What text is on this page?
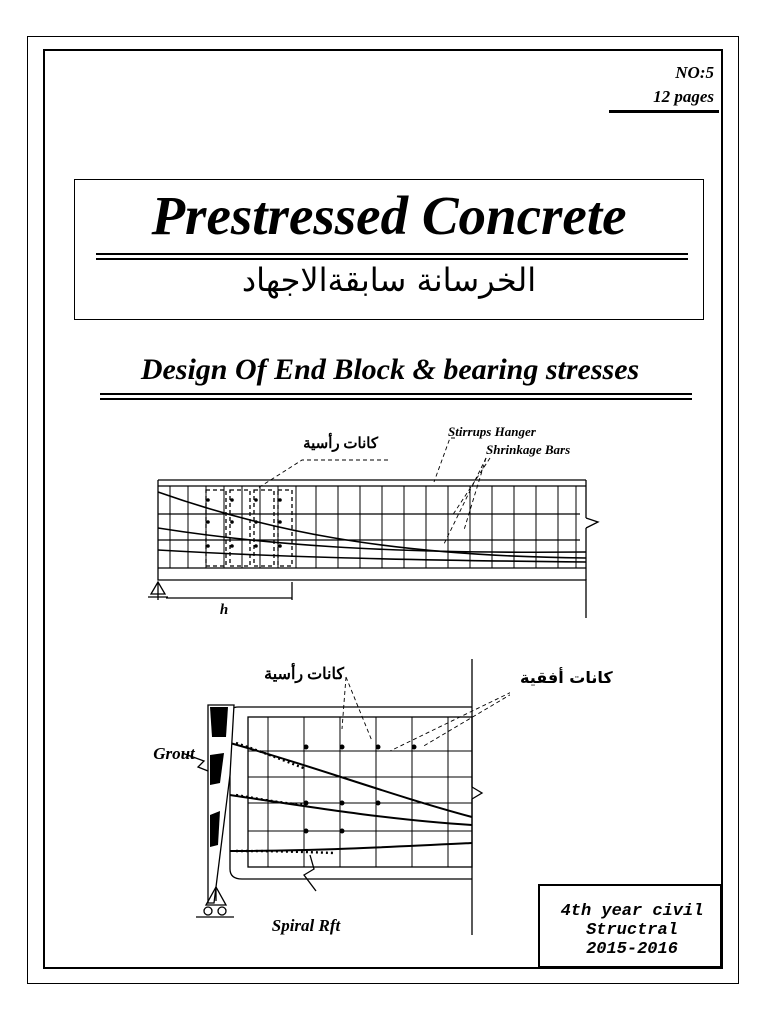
NO:5
12 pages
Prestressed Concrete
الخرسانة سابقةالاجهاد
Design Of End Block & bearing stresses
كانات رأسية
Stirrups Hanger
Shrinkage Bars
h
كانات رأسية
Grout
Spiral Rft
كانات أفقية
4th year civil
Structral
2015-2016
